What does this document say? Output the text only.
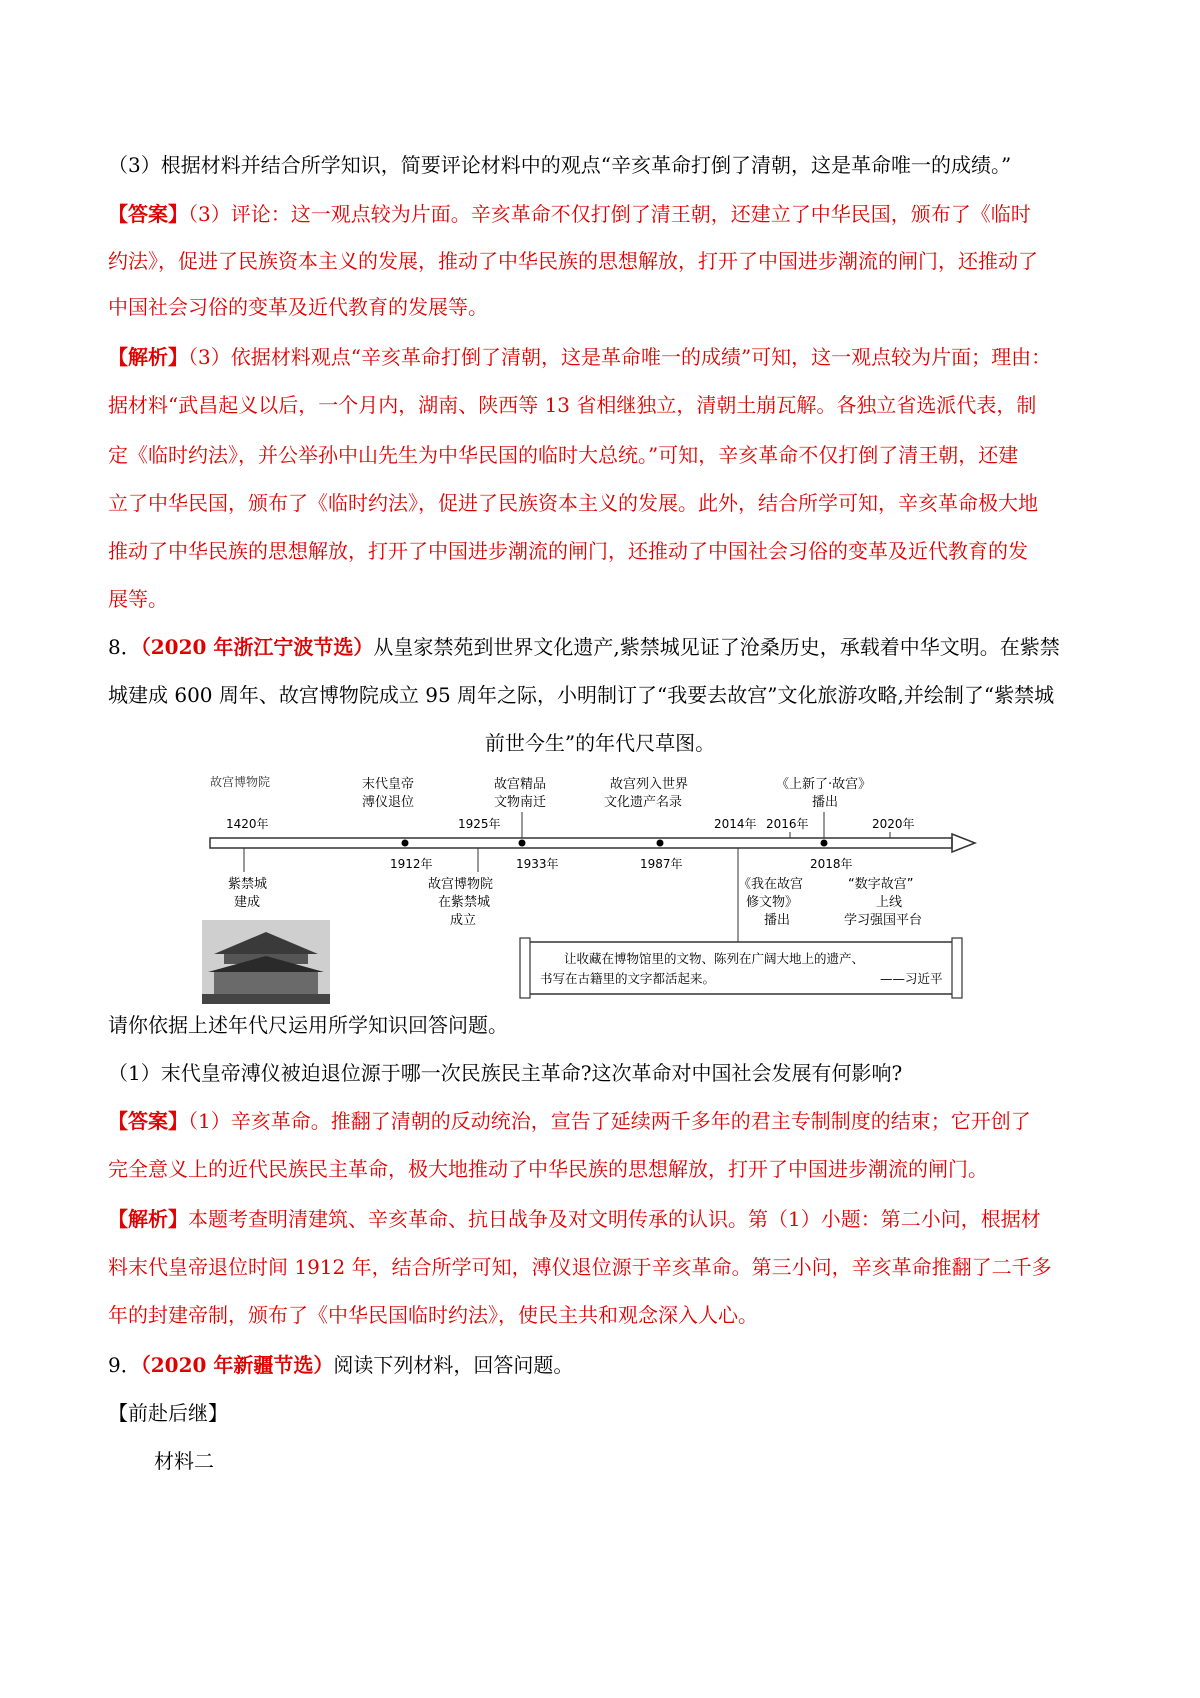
（3）根据材料并结合所学知识，简要评论材料中的观点“辛亥革命打倒了清朝，这是革命唯一的成绩。”
【答案】（3）评论：这一观点较为片面。辛亥革命不仅打倒了清王朝，还建立了中华民国，颁布了《临时
约法》，促进了民族资本主义的发展，推动了中华民族的思想解放，打开了中国进步潮流的闸门，还推动了
中国社会习俗的变革及近代教育的发展等。
【解析】（3）依据材料观点“辛亥革命打倒了清朝，这是革命唯一的成绩”可知，这一观点较为片面；理由：
据材料“武昌起义以后，一个月内，湖南、陕西等 13 省相继独立，清朝土崩瓦解。各独立省选派代表，制
定《临时约法》，并公举孙中山先生为中华民国的临时大总统。”可知，辛亥革命不仅打倒了清王朝，还建
立了中华民国，颁布了《临时约法》，促进了民族资本主义的发展。此外，结合所学可知，辛亥革命极大地
推动了中华民族的思想解放，打开了中国进步潮流的闸门，还推动了中国社会习俗的变革及近代教育的发
展等。
8．（2020 年浙江宁波节选）从皇家禁苑到世界文化遗产,紫禁城见证了沧桑历史，承载着中华文明。在紫禁
城建成 600 周年、故宫博物院成立 95 周年之际，小明制订了“我要去故宫”文化旅游攻略,并绘制了“紫禁城
前世今生”的年代尺草图。
故宫博物院
1420年
紫禁城
建成
末代皇帝
溥仪退位
1912年
1925年
故宫博物院
在紫禁城
成立
故宫精品
文物南迁
1933年
故宫列入世界
文化遗产名录
1987年
2014年
《我在故宫
修文物》
播出
《上新了·故宫》
播出
2016年
2018年
“数字故宫”
上线
学习强国平台
2020年
让收藏在博物馆里的文物、陈列在广阔大地上的遗产、
书写在古籍里的文字都活起来。	——习近平
请你依据上述年代尺运用所学知识回答问题。
（1）末代皇帝溥仪被迫退位源于哪一次民族民主革命?这次革命对中国社会发展有何影响?
【答案】（1）辛亥革命。推翻了清朝的反动统治，宣告了延续两千多年的君主专制制度的结束；它开创了
完全意义上的近代民族民主革命，极大地推动了中华民族的思想解放，打开了中国进步潮流的闸门。
【解析】本题考查明清建筑、辛亥革命、抗日战争及对文明传承的认识。第（1）小题：第二小问，根据材
料末代皇帝退位时间 1912 年，结合所学可知，溥仪退位源于辛亥革命。第三小问，辛亥革命推翻了二千多
年的封建帝制，颁布了《中华民国临时约法》，使民主共和观念深入人心。
9．（2020 年新疆节选）阅读下列材料，回答问题。
【前赴后继】
材料二
